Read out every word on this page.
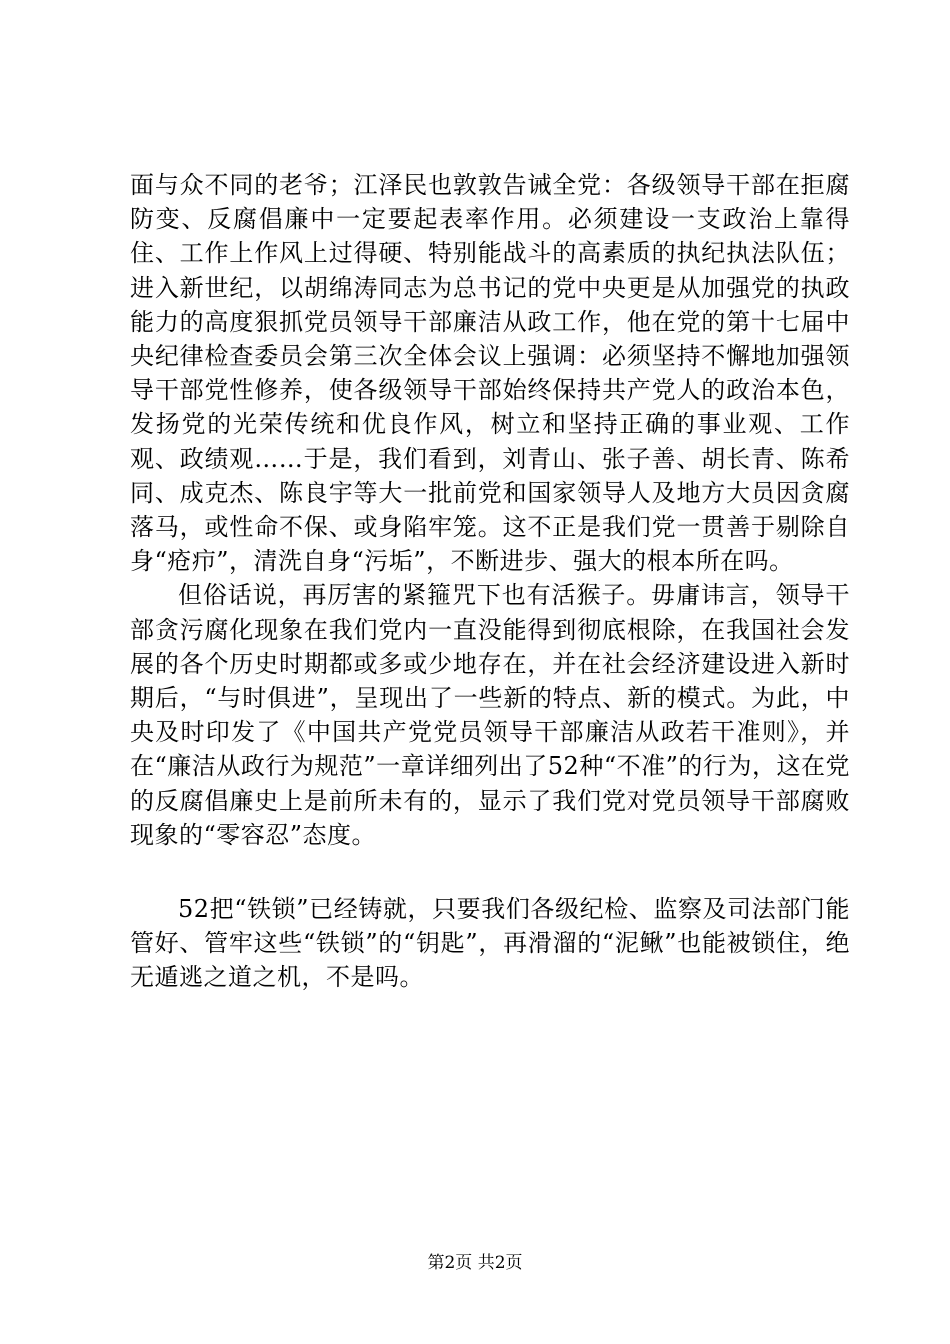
面与众不同的老爷；江泽民也敦敦告诫全党：各级领导干部在拒腐防变、反腐倡廉中一定要起表率作用。必须建设一支政治上靠得住、工作上作风上过得硬、特别能战斗的高素质的执纪执法队伍；进入新世纪，以胡绵涛同志为总书记的党中央更是从加强党的执政能力的高度狠抓党员领导干部廉洁从政工作，他在党的第十七届中央纪律检查委员会第三次全体会议上强调：必须坚持不懈地加强领导干部党性修养，使各级领导干部始终保持共产党人的政治本色，发扬党的光荣传统和优良作风，树立和坚持正确的事业观、工作观、政绩观……于是，我们看到，刘青山、张子善、胡长青、陈希同、成克杰、陈良宇等大一批前党和国家领导人及地方大员因贪腐落马，或性命不保、或身陷牢笼。这不正是我们党一贯善于剔除自身“疮疖”，清洗自身“污垢”，不断进步、强大的根本所在吗。

但俗话说，再厉害的紧箍咒下也有活猴子。毋庸讳言，领导干部贪污腐化现象在我们党内一直没能得到彻底根除，在我国社会发展的各个历史时期都或多或少地存在，并在社会经济建设进入新时期后，“与时俱进”，呈现出了一些新的特点、新的模式。为此，中央及时印发了《中国共产党党员领导干部廉洁从政若干准则》，并在“廉洁从政行为规范”一章详细列出了52种“不准”的行为，这在党的反腐倡廉史上是前所未有的，显示了我们党对党员领导干部腐败现象的“零容忍”态度。

52把“铁锁”已经铸就，只要我们各级纪检、监察及司法部门能管好、管牢这些“铁锁”的“钥匙”，再滑溜的“泥鳅”也能被锁住，绝无遁逃之道之机，不是吗。

第2页 共2页
